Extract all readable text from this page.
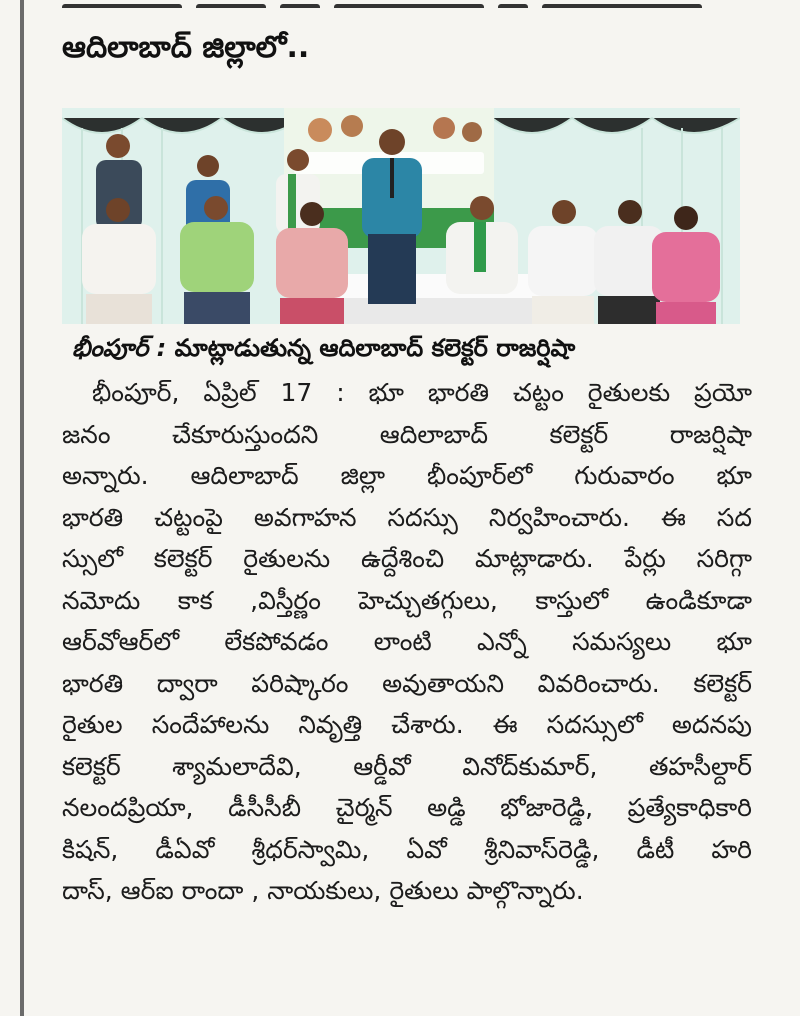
ఆదిలాబాద్ జిల్లాలో..
భీంపూర్ : మాట్లాడుతున్న ఆదిలాబాద్ కలెక్టర్ రాజర్షిషా
భీంపూర్, ఏప్రిల్ 17 : భూ భారతి చట్టం రైతులకు ప్రయో
జనం చేకూరుస్తుందని ఆదిలాబాద్ కలెక్టర్ రాజర్షిషా
అన్నారు. ఆదిలాబాద్ జిల్లా భీంపూర్‌లో గురువారం భూ
భారతి చట్టంపై అవగాహన సదస్సు నిర్వహించారు. ఈ సద
స్సులో కలెక్టర్ రైతులను ఉద్దేశించి మాట్లాడారు. పేర్లు సరిగ్గా
నమోదు కాక ,విస్తీర్ణం హెచ్చుతగ్గులు, కాస్తులో ఉండికూడా
ఆర్‌వోఆర్‌లో లేకపోవడం లాంటి ఎన్నో సమస్యలు భూ
భారతి ద్వారా పరిష్కారం అవుతాయని వివరించారు. కలెక్టర్
రైతుల సందేహాలను నివృత్తి చేశారు. ఈ సదస్సులో అదనపు
కలెక్టర్ శ్యామలాదేవి, ఆర్డీవో వినోద్‌కుమార్, తహసీల్దార్
నలందప్రియా, డీసీసీబీ చైర్మన్ అడ్డి భోజారెడ్డి, ప్రత్యేకాధికారి
కిషన్, డీఏవో శ్రీధర్‌స్వామి, ఏవో శ్రీనివాస్‌రెడ్డి, డీటీ హరి
దాస్, ఆర్‌ఐ రాందా , నాయకులు, రైతులు పాల్గొన్నారు.
